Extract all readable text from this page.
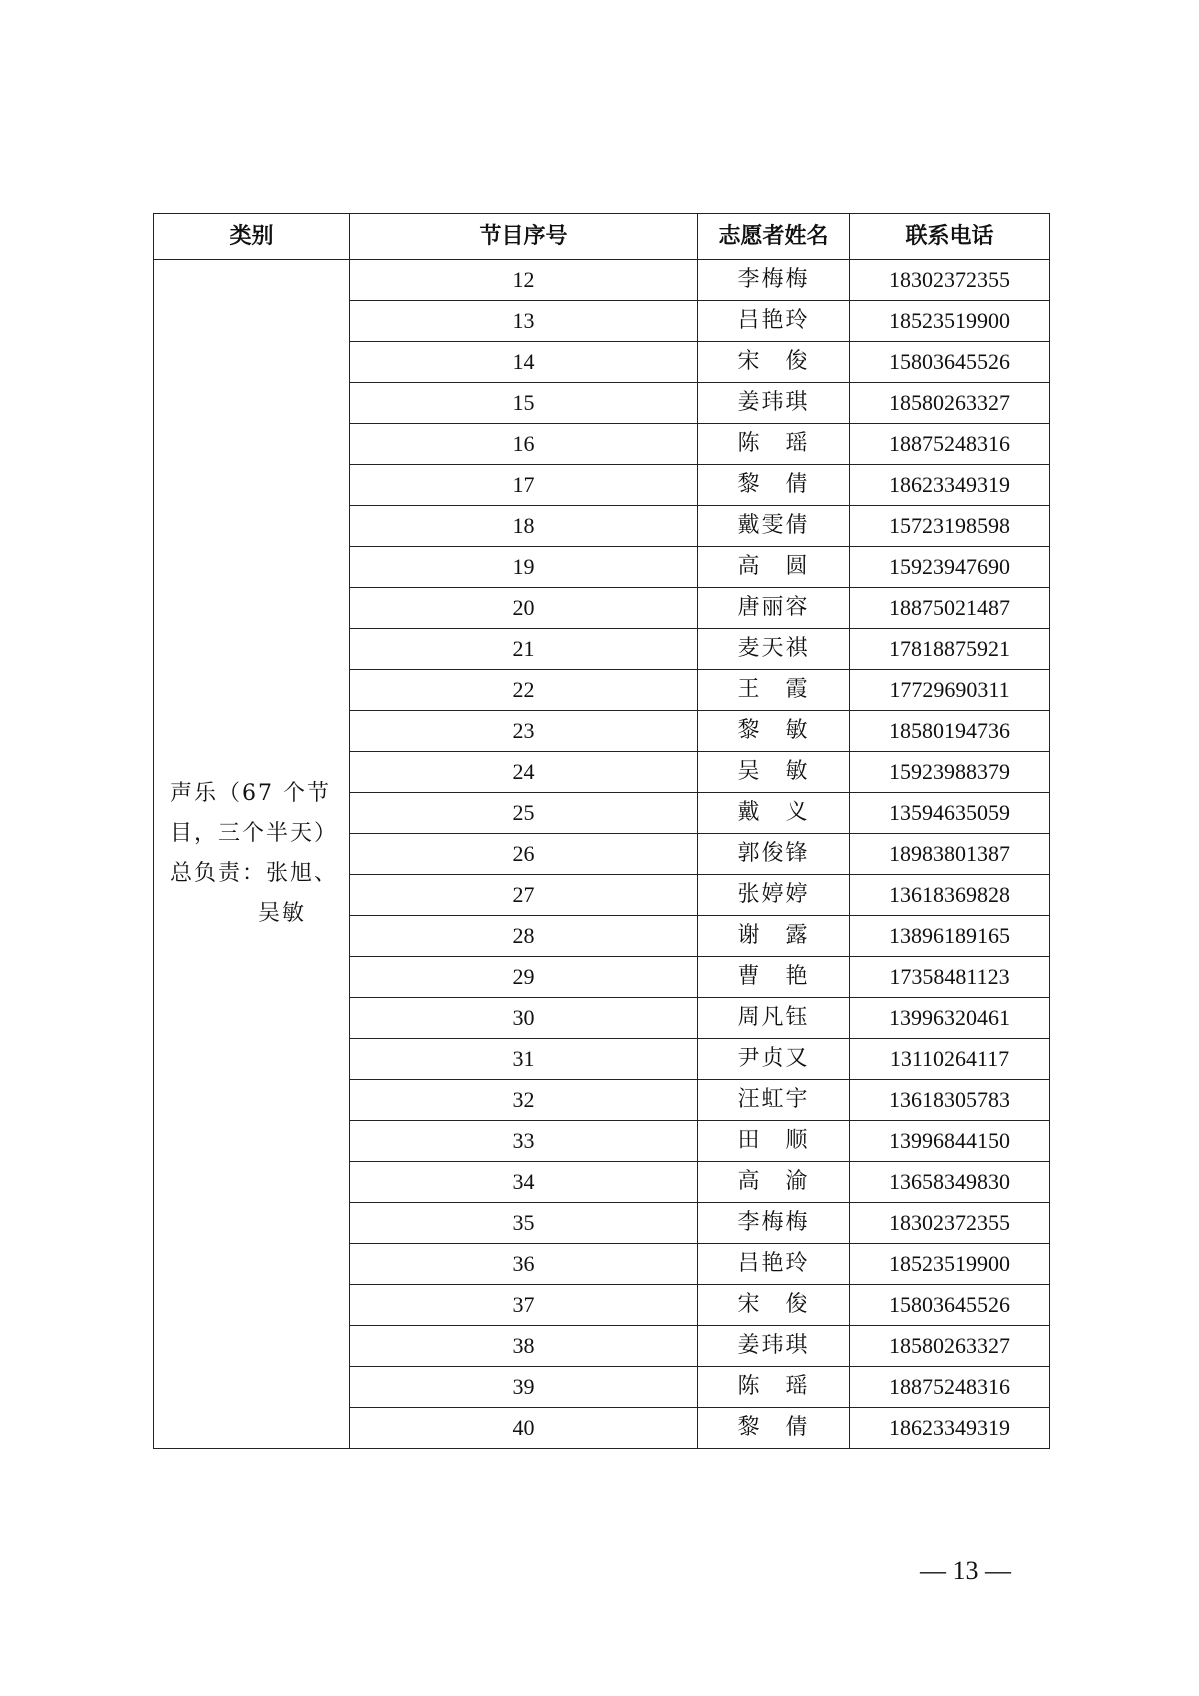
类别	节目序号	志愿者姓名	联系电话

声乐（67 个节
目，三个半天）
总负责：张旭、
吴敏	12	李梅梅	18302372355
	13	吕艳玲	18523519900
	14	宋　俊	15803645526
	15	姜玮琪	18580263327
	16	陈　瑶	18875248316
	17	黎　倩	18623349319
	18	戴雯倩	15723198598
	19	高　圆	15923947690
	20	唐丽容	18875021487
	21	麦天祺	17818875921
	22	王　霞	17729690311
	23	黎　敏	18580194736
	24	吴　敏	15923988379
	25	戴　义	13594635059
	26	郭俊锋	18983801387
	27	张婷婷	13618369828
	28	谢　露	13896189165
	29	曹　艳	17358481123
	30	周凡钰	13996320461
	31	尹贞又	13110264117
	32	汪虹宇	13618305783
	33	田　顺	13996844150
	34	高　渝	13658349830
	35	李梅梅	18302372355
	36	吕艳玲	18523519900
	37	宋　俊	15803645526
	38	姜玮琪	18580263327
	39	陈　瑶	18875248316
	40	黎　倩	18623349319
— 13 —
